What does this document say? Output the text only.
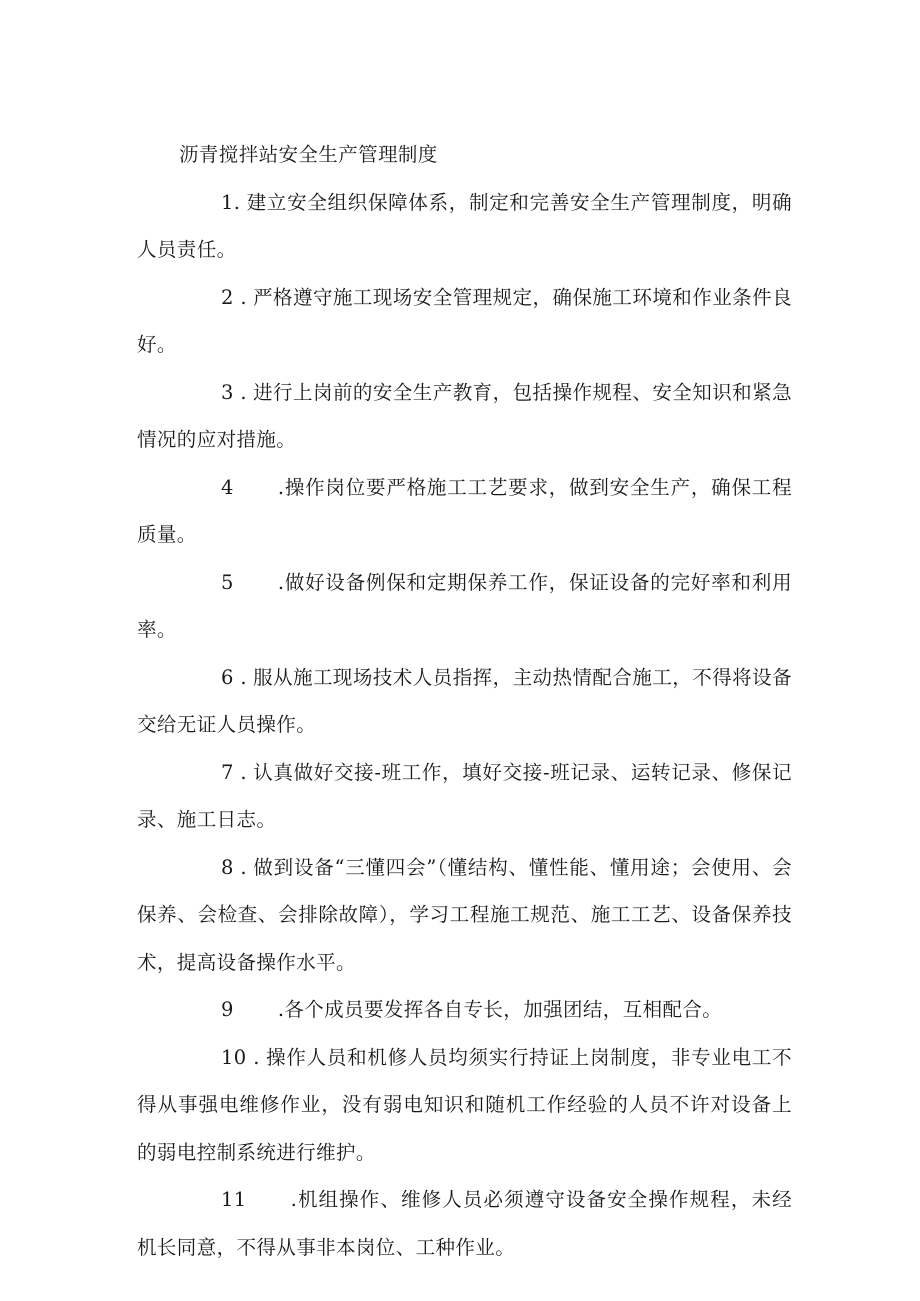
沥青搅拌站安全生产管理制度

1. 建立安全组织保障体系，制定和完善安全生产管理制度，明确人员责任。

2 . 严格遵守施工现场安全管理规定，确保施工环境和作业条件良好。

3 . 进行上岗前的安全生产教育，包括操作规程、安全知识和紧急情况的应对措施。

4 .操作岗位要严格施工工艺要求，做到安全生产，确保工程质量。

5 .做好设备例保和定期保养工作，保证设备的完好率和利用率。

6 . 服从施工现场技术人员指挥，主动热情配合施工，不得将设备交给无证人员操作。

7 . 认真做好交接-班工作，填好交接-班记录、运转记录、修保记录、施工日志。

8 . 做到设备“三懂四会”（懂结构、懂性能、懂用途；会使用、会保养、会检查、会排除故障），学习工程施工规范、施工工艺、设备保养技术，提高设备操作水平。

9 .各个成员要发挥各自专长，加强团结，互相配合。

10 . 操作人员和机修人员均须实行持证上岗制度，非专业电工不得从事强电维修作业，没有弱电知识和随机工作经验的人员不许对设备上的弱电控制系统进行维护。

11 .机组操作、维修人员必须遵守设备安全操作规程，未经机长同意，不得从事非本岗位、工种作业。
